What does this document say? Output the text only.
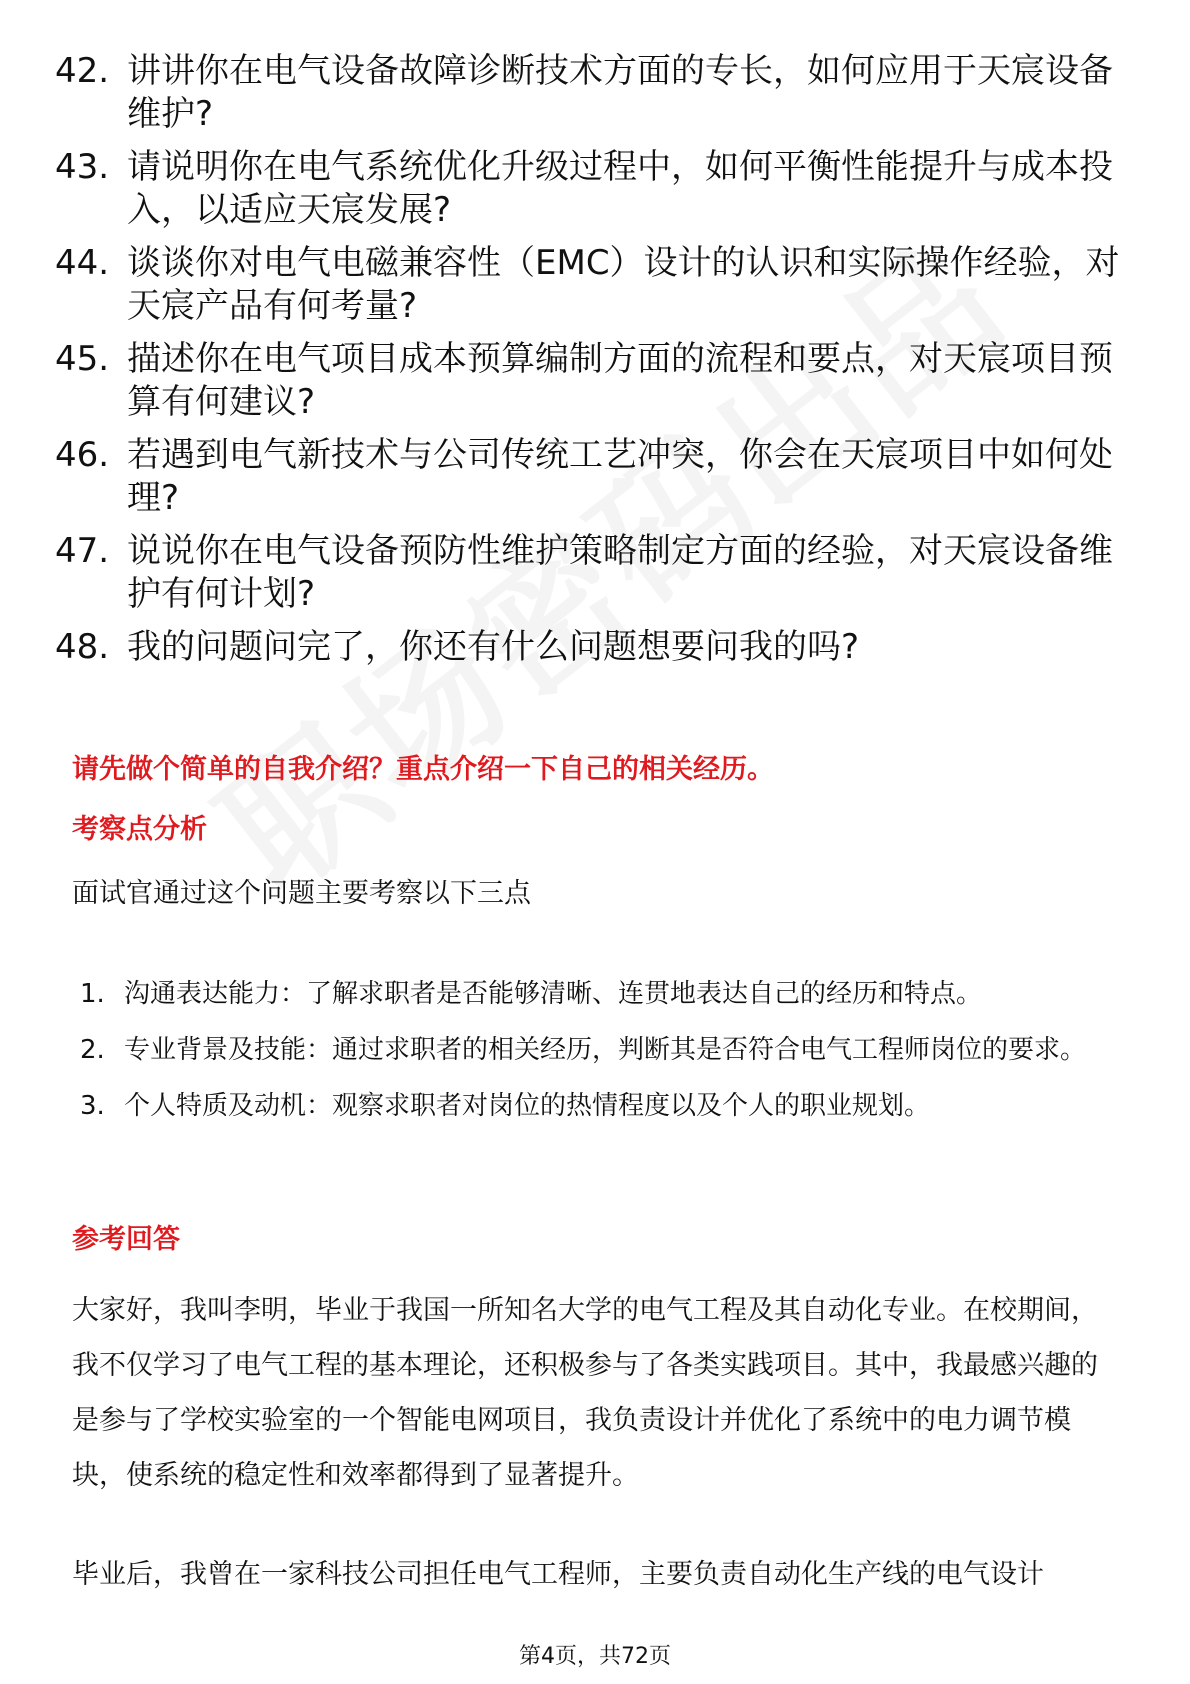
42. 讲讲你在电气设备故障诊断技术方面的专长，如何应用于天宸设备维护?
43. 请说明你在电气系统优化升级过程中，如何平衡性能提升与成本投入，以适应天宸发展?
44. 谈谈你对电气电磁兼容性（EMC）设计的认识和实际操作经验，对天宸产品有何考量?
45. 描述你在电气项目成本预算编制方面的流程和要点，对天宸项目预算有何建议?
46. 若遇到电气新技术与公司传统工艺冲突，你会在天宸项目中如何处理?
47. 说说你在电气设备预防性维护策略制定方面的经验，对天宸设备维护有何计划?
48. 我的问题问完了，你还有什么问题想要问我的吗?
请先做个简单的自我介绍？重点介绍一下自己的相关经历。
考察点分析
面试官通过这个问题主要考察以下三点
1. 沟通表达能力：了解求职者是否能够清晰、连贯地表达自己的经历和特点。
2. 专业背景及技能：通过求职者的相关经历，判断其是否符合电气工程师岗位的要求。
3. 个人特质及动机：观察求职者对岗位的热情程度以及个人的职业规划。
参考回答
大家好，我叫李明，毕业于我国一所知名大学的电气工程及其自动化专业。在校期间，我不仅学习了电气工程的基本理论，还积极参与了各类实践项目。其中，我最感兴趣的是参与了学校实验室的一个智能电网项目，我负责设计并优化了系统中的电力调节模块，使系统的稳定性和效率都得到了显著提升。
毕业后，我曾在一家科技公司担任电气工程师，主要负责自动化生产线的电气设计
第4页，共72页
